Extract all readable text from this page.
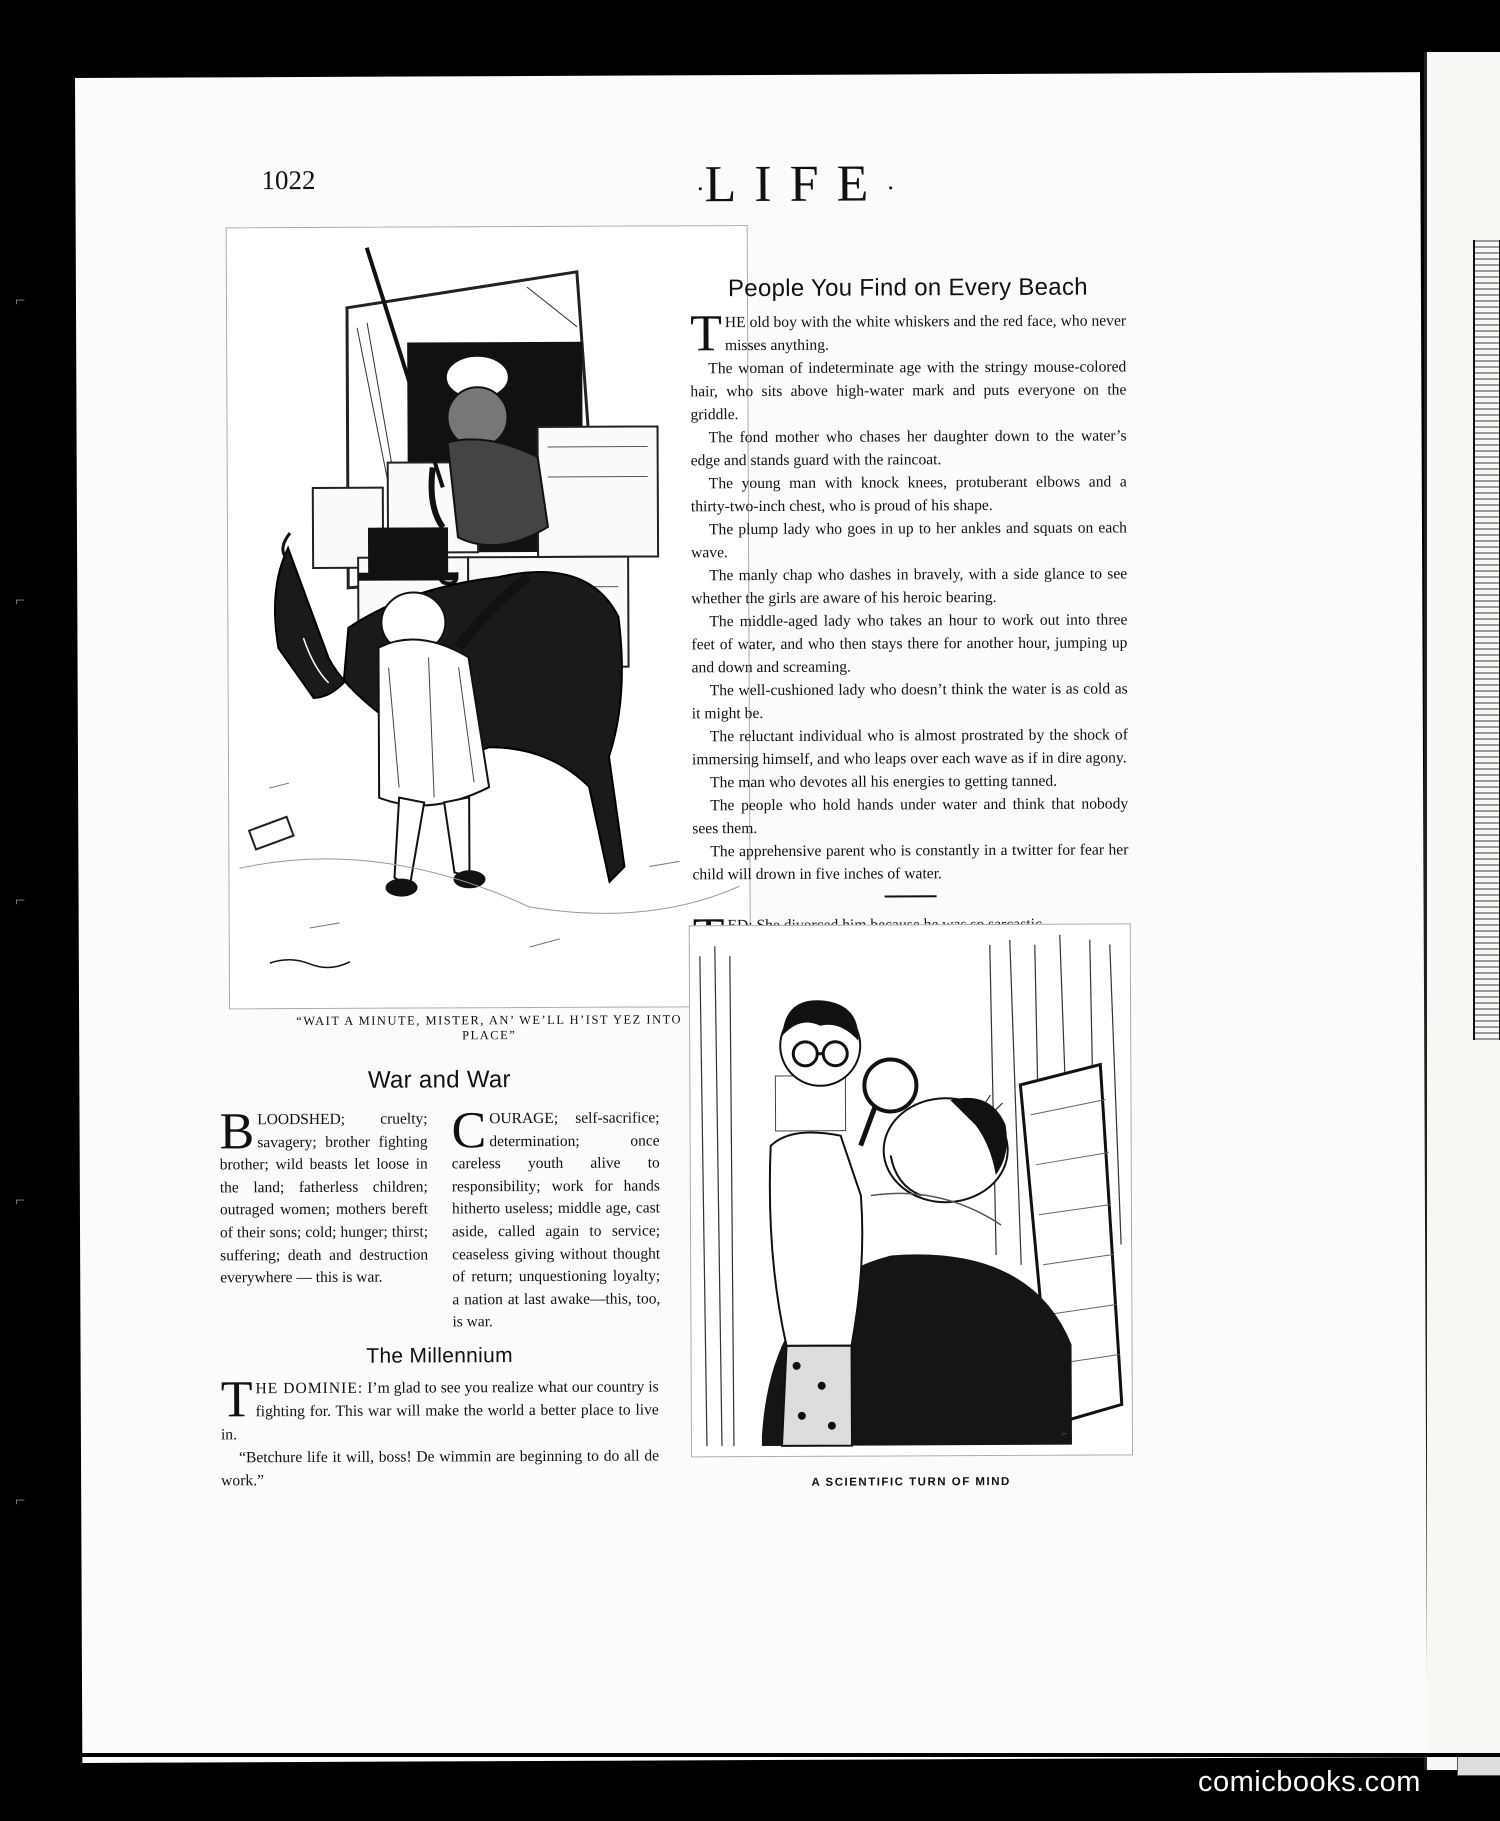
⌐
⌐
⌐
⌐
⌐
1022	·LIFE·
“WAIT A MINUTE, MISTER, AN’ WE’LL H’IST YEZ INTO
PLACE”
War and War

BLOODSHED; cruelty; savagery; brother fighting brother; wild beasts let loose in the land; fatherless children; outraged women; mothers bereft of their sons; cold; hunger; thirst; suffering; death and destruction everywhere — this is war.

COURAGE; self-sacrifice; determination; once careless youth alive to responsibility; work for hands hitherto useless; middle age, cast aside, called again to service; ceaseless giving without thought of return; unquestioning loyalty; a nation at last awake—this, too, is war.

The Millennium

THE DOMINIE: I’m glad to see you realize what our country is fighting for. This war will make the world a better place to live in.

“Betchure life it will, boss! De wimmin are beginning to do all de work.”

People You Find on Every Beach

THE old boy with the white whiskers and the red face, who never misses anything.

The woman of indeterminate age with the stringy mouse-colored hair, who sits above high-water mark and puts everyone on the griddle.

The fond mother who chases her daughter down to the water’s edge and stands guard with the raincoat.

The young man with knock knees, protuberant elbows and a thirty-two-inch chest, who is proud of his shape.

The plump lady who goes in up to her ankles and squats on each wave.

The manly chap who dashes in bravely, with a side glance to see whether the girls are aware of his heroic bearing.

The middle-aged lady who takes an hour to work out into three feet of water, and who then stays there for another hour, jumping up and down and screaming.

The well-cushioned lady who doesn’t think the water is as cold as it might be.

The reluctant individual who is almost prostrated by the shock of immersing himself, and who leaps over each wave as if in dire agony.

The man who devotes all his energies to getting tanned.

The people who hold hands under water and think that nobody sees them.

The apprehensive parent who is constantly in a twitter for fear her child will drown in five inches of water.

⌐
A SCIENTIFIC TURN OF MIND
comicbooks.com
